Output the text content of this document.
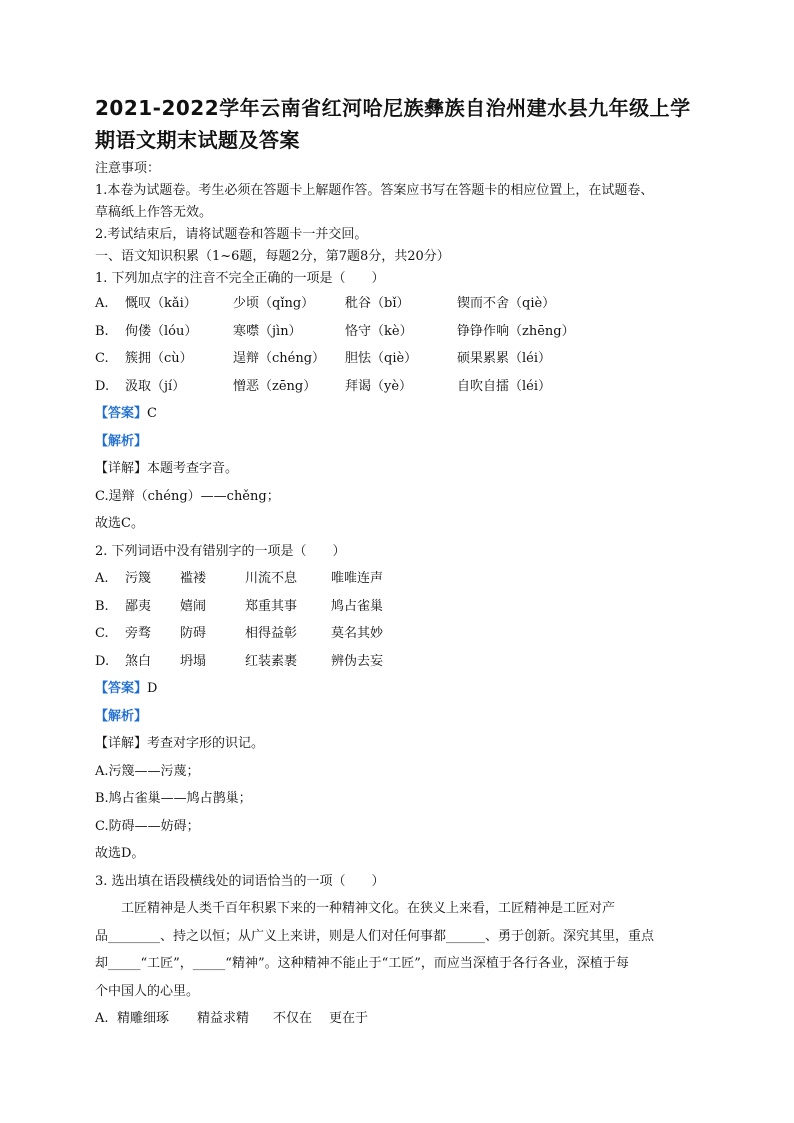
2021-2022学年云南省红河哈尼族彝族自治州建水县九年级上学
期语文期末试题及答案
注意事项：
1.本卷为试题卷。考生必须在答题卡上解题作答。答案应书写在答题卡的相应位置上，在试题卷、
草稿纸上作答无效。
2.考试结束后，请将试题卷和答题卡一并交回。
一、语文知识积累（1~6题，每题2分，第7题8分，共20分）
1. 下列加点字的注音不完全正确的一项是（　　）
A.	慨叹（kǎi）	少顷（qǐng）	秕谷（bǐ）	锲而不舍（qiè）
B.	佝偻（lóu）	寒噤（jìn）	恪守（kè）	铮铮作响（zhēng）
C.	簇拥（cù）	逞辩（chéng）	胆怯（qiè）	硕果累累（léi）
D.	汲取（jí）	憎恶（zēng）	拜谒（yè）	自吹自擂（léi）
【答案】C
【解析】
【详解】本题考查字音。
C.逞辩（chéng）——chěng；
故选C。
2. 下列词语中没有错别字的一项是（　　）
A.	污篾	褴褛	川流不息	唯唯连声
B.	鄙夷	嬉闹	郑重其事	鸠占雀巢
C.	旁骛	防碍	相得益彰	莫名其妙
D.	煞白	坍塌	红装素裹	辨伪去妄
【答案】D
【解析】
【详解】考查对字形的识记。
A.污篾——污蔑；
B.鸠占雀巢——鸠占鹊巢；
C.防碍——妨碍；
故选D。
3. 选出填在语段横线处的词语恰当的一项（　　）
工匠精神是人类千百年积累下来的一种精神文化。在狭义上来看，工匠精神是工匠对产
品________、持之以恒；从广义上来讲，则是人们对任何事都______、勇于创新。深究其里，重点
却_____“工匠”，_____“精神”。这种精神不能止于“工匠”，而应当深植于各行各业，深植于每
个中国人的心里。
A. 精雕细琢	精益求精	不仅在	更在于
